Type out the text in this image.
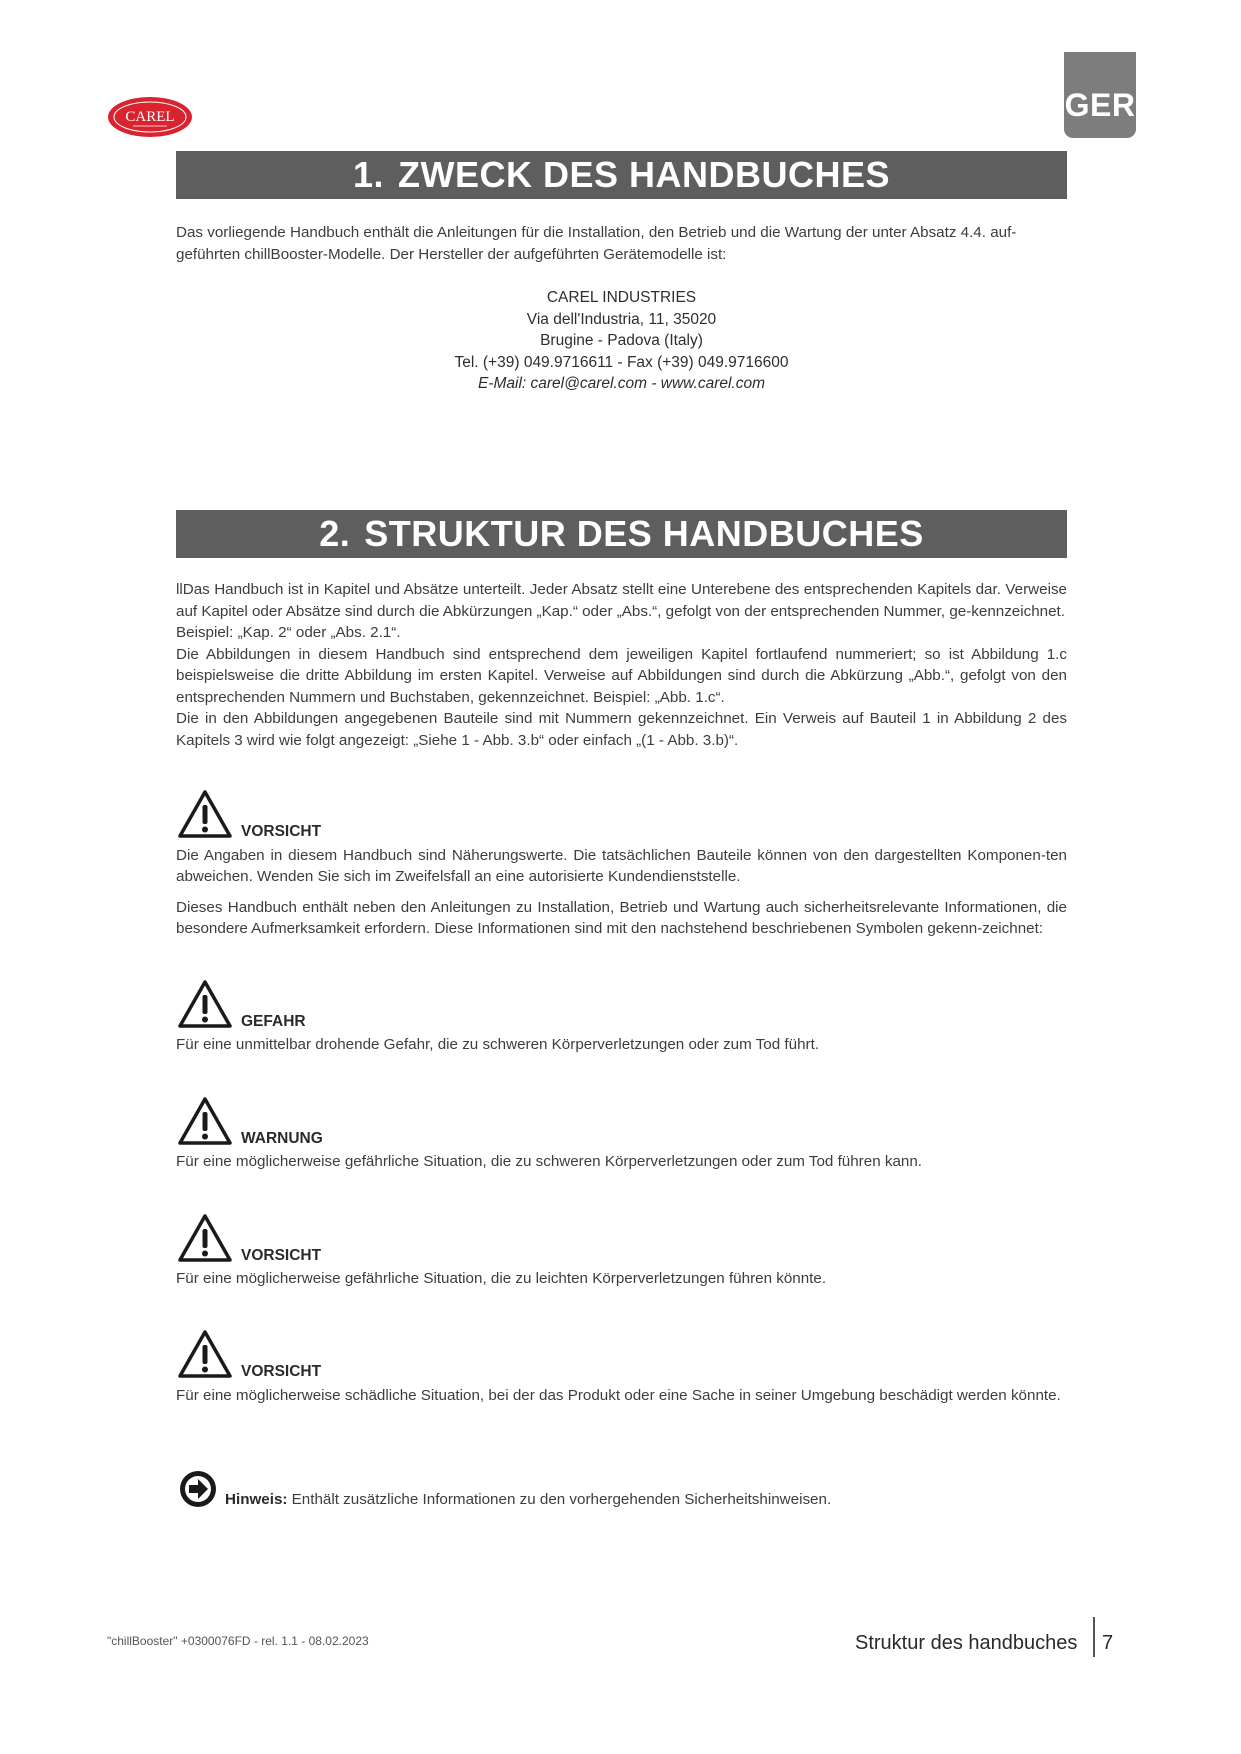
CAREL	GER
1. ZWECK DES HANDBUCHES

Das vorliegende Handbuch enthält die Anleitungen für die Installation, den Betrieb und die Wartung der unter Absatz 4.4. auf-

geführten chillBooster-Modelle. Der Hersteller der aufgeführten Gerätemodelle ist:

CAREL INDUSTRIES
Via dell'Industria, 11, 35020
Brugine - Padova (Italy)
Tel. (+39) 049.9716611 - Fax (+39) 049.9716600
E-Mail: carel@carel.com - www.carel.com
2. STRUKTUR DES HANDBUCHES

llDas Handbuch ist in Kapitel und Absätze unterteilt. Jeder Absatz stellt eine Unterebene des entsprechenden Kapitels dar. Verweise auf Kapitel oder Absätze sind durch die Abkürzungen „Kap.“ oder „Abs.“, gefolgt von der entsprechenden Nummer, ge-kennzeichnet.

Beispiel: „Kap. 2“ oder „Abs. 2.1“.

Die Abbildungen in diesem Handbuch sind entsprechend dem jeweiligen Kapitel fortlaufend nummeriert; so ist Abbildung 1.c beispielsweise die dritte Abbildung im ersten Kapitel. Verweise auf Abbildungen sind durch die Abkürzung „Abb.“, gefolgt von den entsprechenden Nummern und Buchstaben, gekennzeichnet. Beispiel: „Abb. 1.c“.

Die in den Abbildungen angegebenen Bauteile sind mit Nummern gekennzeichnet. Ein Verweis auf Bauteil 1 in Abbildung 2 des Kapitels 3 wird wie folgt angezeigt: „Siehe 1 - Abb. 3.b“ oder einfach „(1 - Abb. 3.b)“.

VORSICHT
Die Angaben in diesem Handbuch sind Näherungswerte. Die tatsächlichen Bauteile können von den dargestellten Komponen-ten abweichen. Wenden Sie sich im Zweifelsfall an eine autorisierte Kundendienststelle.
Dieses Handbuch enthält neben den Anleitungen zu Installation, Betrieb und Wartung auch sicherheitsrelevante Informationen, die besondere Aufmerksamkeit erfordern. Diese Informationen sind mit den nachstehend beschriebenen Symbolen gekenn-zeichnet:
GEFAHR
Für eine unmittelbar drohende Gefahr, die zu schweren Körperverletzungen oder zum Tod führt.
WARNUNG
Für eine möglicherweise gefährliche Situation, die zu schweren Körperverletzungen oder zum Tod führen kann.
VORSICHT
Für eine möglicherweise gefährliche Situation, die zu leichten Körperverletzungen führen könnte.
VORSICHT
Für eine möglicherweise schädliche Situation, bei der das Produkt oder eine Sache in seiner Umgebung beschädigt werden könnte.
Hinweis: Enthält zusätzliche Informationen zu den vorhergehenden Sicherheitshinweisen.
"chillBooster" +0300076FD - rel. 1.1 - 08.02.2023	Struktur des handbuches 7
